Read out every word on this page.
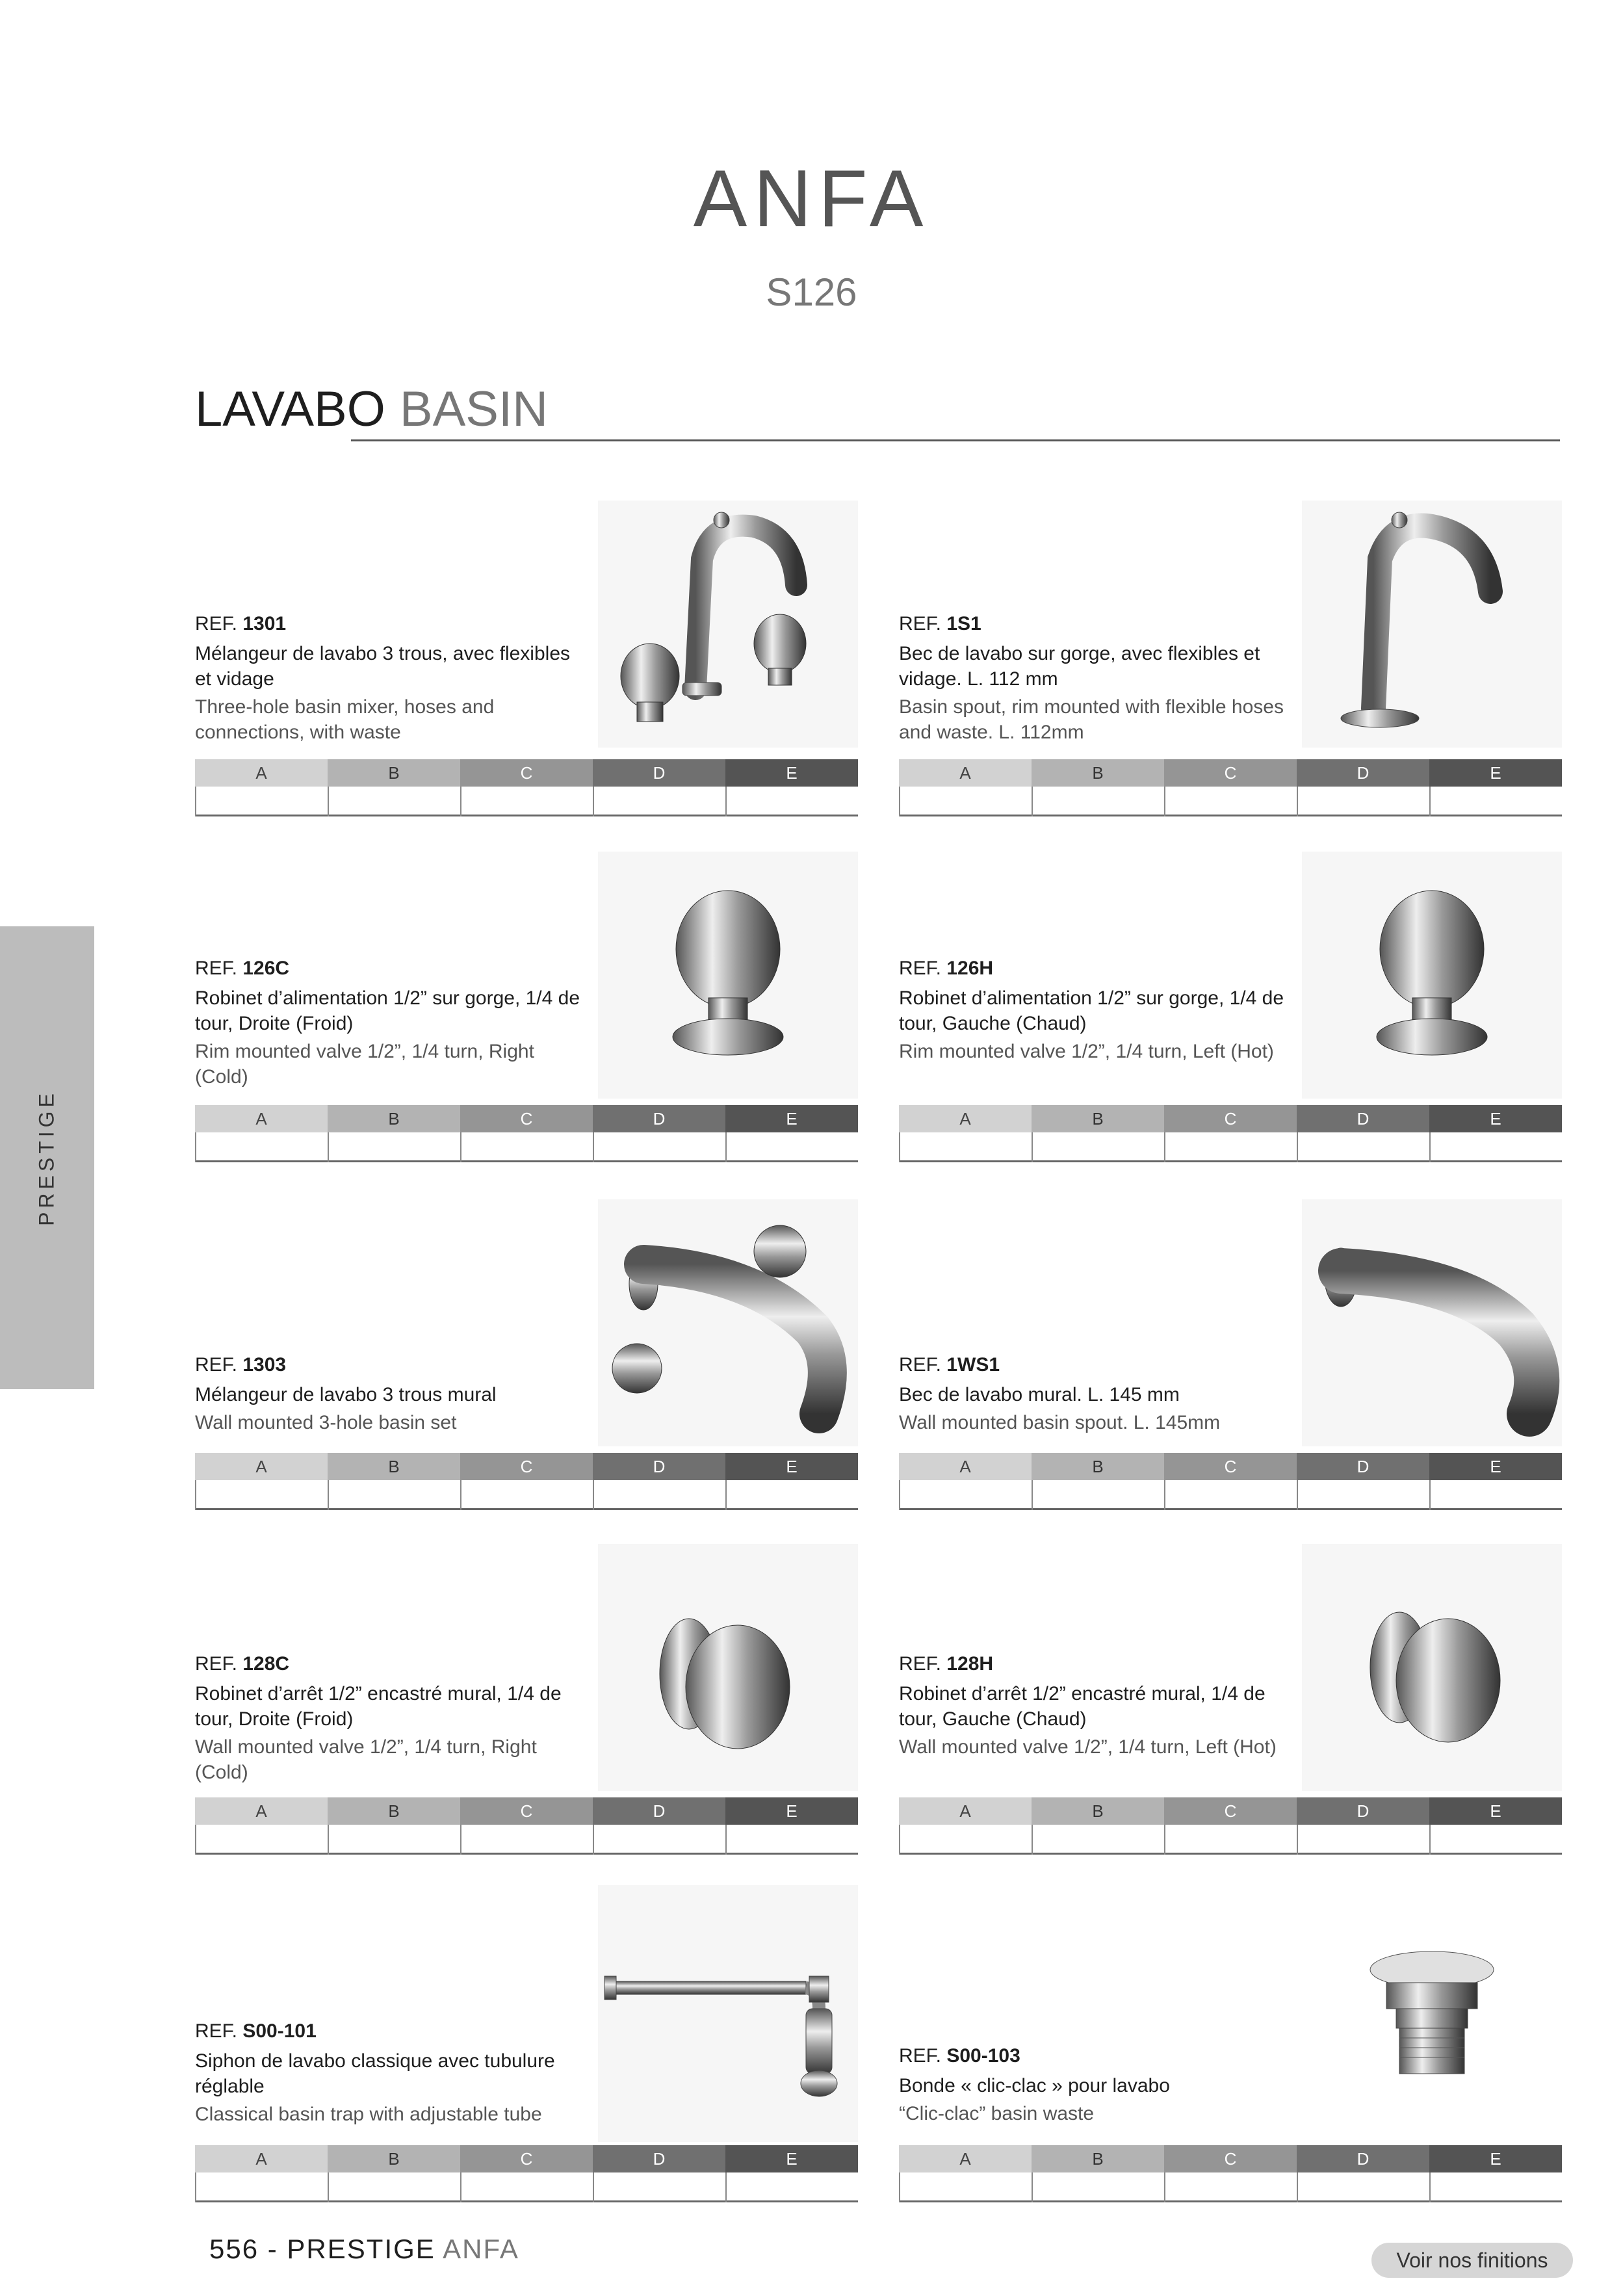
ANFA
S126
LAVABO BASIN
PRESTIGE
REF. 1301
Mélangeur de lavabo 3 trous, avec flexibles et vidage
Three-hole basin mixer, hoses and connections, with waste
A	B	C	D	E
REF. 1S1
Bec de lavabo sur gorge, avec flexibles et vidage. L. 112 mm
Basin spout, rim mounted with flexible hoses and waste. L. 112mm
A	B	C	D	E
REF. 126C
Robinet d’alimentation 1/2” sur gorge, 1/4 de tour, Droite (Froid)
Rim mounted valve 1/2”, 1/4 turn, Right (Cold)
A	B	C	D	E
REF. 126H
Robinet d’alimentation 1/2” sur gorge, 1/4 de tour, Gauche (Chaud)
Rim mounted valve 1/2”, 1/4 turn, Left (Hot)
A	B	C	D	E
REF. 1303
Mélangeur de lavabo 3 trous mural
Wall mounted 3-hole basin set
A	B	C	D	E
REF. 1WS1
Bec de lavabo mural. L. 145 mm
Wall mounted basin spout. L. 145mm
A	B	C	D	E
REF. 128C
Robinet d’arrêt 1/2” encastré mural, 1/4 de tour, Droite (Froid)
Wall mounted valve 1/2”, 1/4 turn, Right (Cold)
A	B	C	D	E
REF. 128H
Robinet d’arrêt 1/2” encastré mural, 1/4 de tour, Gauche (Chaud)
Wall mounted valve 1/2”, 1/4 turn, Left (Hot)
A	B	C	D	E
REF. S00-101
Siphon de lavabo classique avec tubulure réglable
Classical basin trap with adjustable tube
A	B	C	D	E
REF. S00-103
Bonde « clic-clac » pour lavabo
“Clic-clac” basin waste
A	B	C	D	E
556 - PRESTIGE ANFA	Voir nos finitions
